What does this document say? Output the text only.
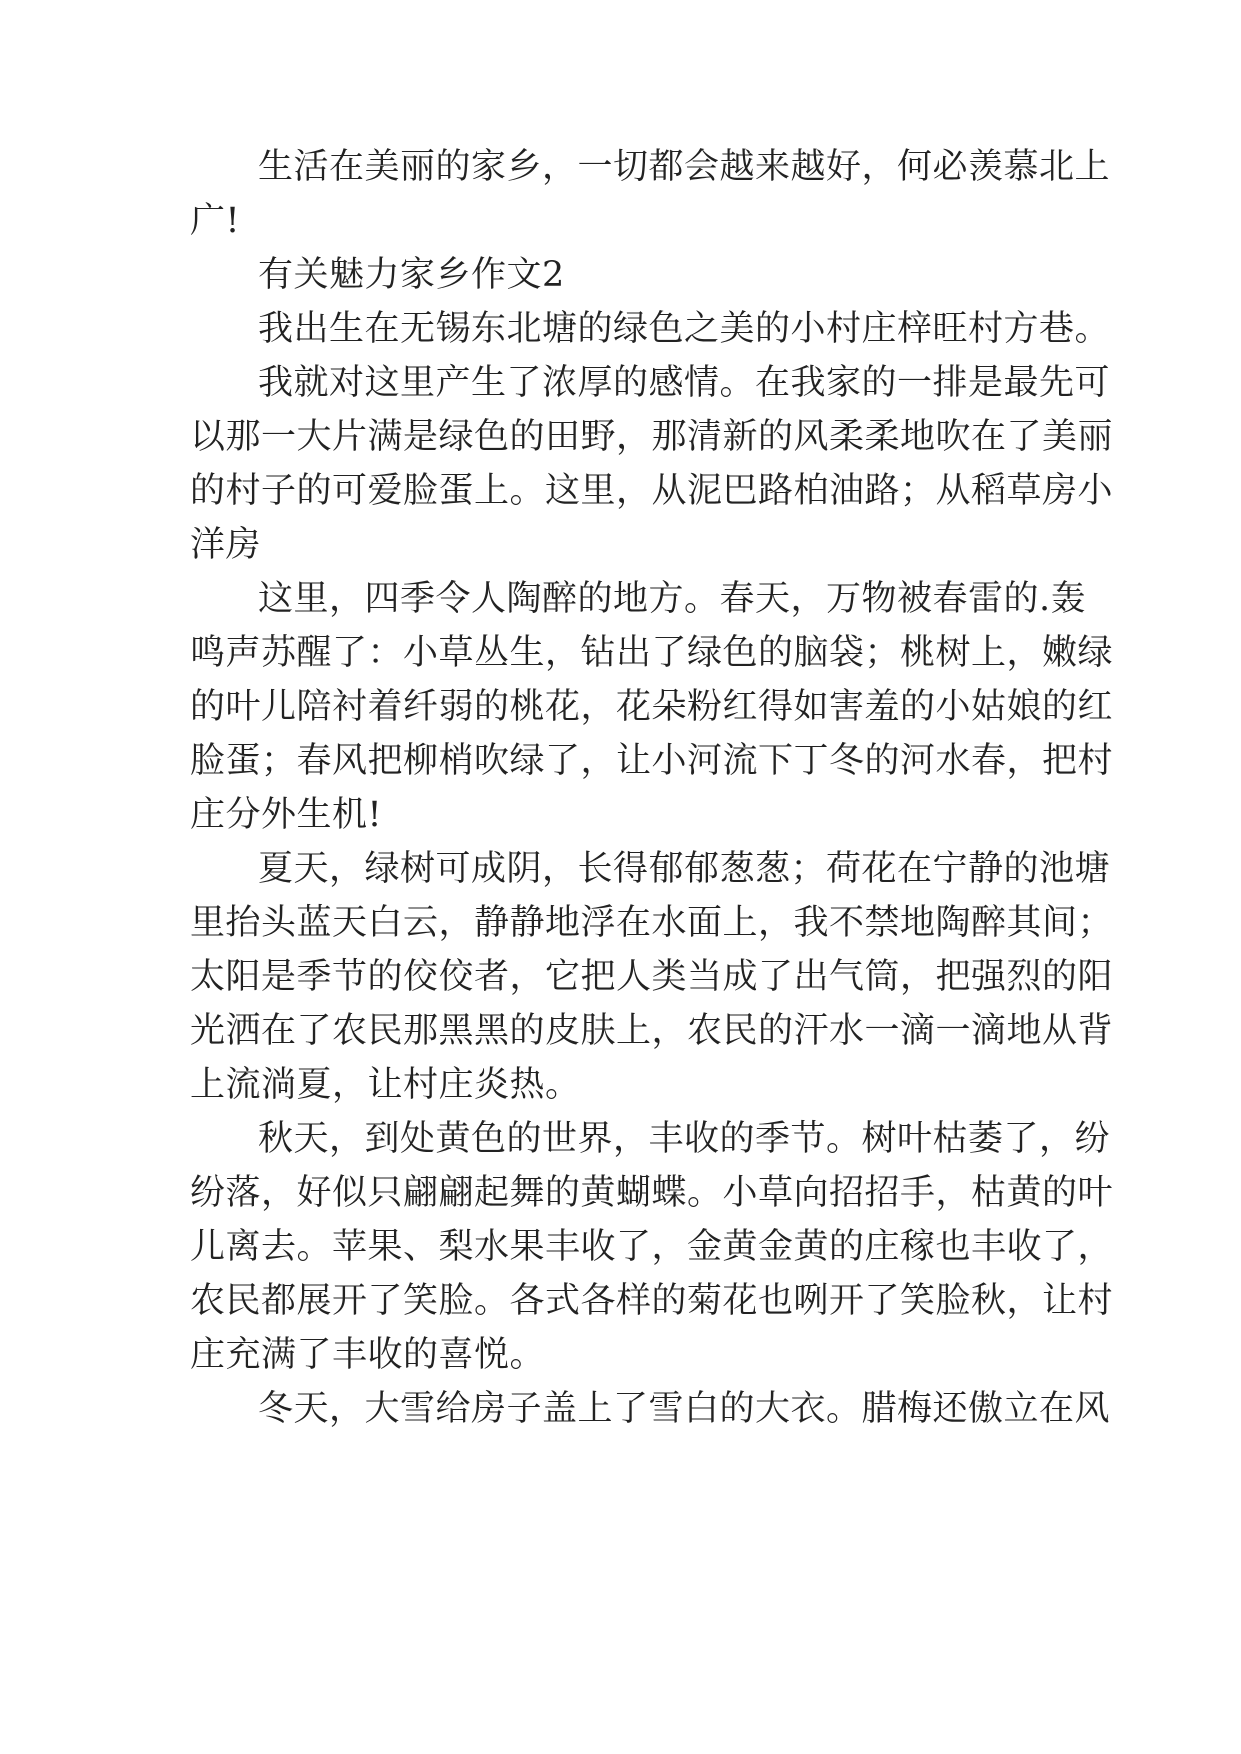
生活在美丽的家乡，一切都会越来越好，何必羡慕北上
广!
有关魅力家乡作文2
我出生在无锡东北塘的绿色之美的小村庄梓旺村方巷。
我就对这里产生了浓厚的感情。在我家的一排是最先可
以那一大片满是绿色的田野，那清新的风柔柔地吹在了美丽
的村子的可爱脸蛋上。这里，从泥巴路柏油路；从稻草房小
洋房
这里，四季令人陶醉的地方。春天，万物被春雷的.轰
鸣声苏醒了：小草丛生，钻出了绿色的脑袋；桃树上，嫩绿
的叶儿陪衬着纤弱的桃花，花朵粉红得如害羞的小姑娘的红
脸蛋；春风把柳梢吹绿了，让小河流下丁冬的河水春，把村
庄分外生机!
夏天，绿树可成阴，长得郁郁葱葱；荷花在宁静的池塘
里抬头蓝天白云，静静地浮在水面上，我不禁地陶醉其间；
太阳是季节的佼佼者，它把人类当成了出气筒，把强烈的阳
光洒在了农民那黑黑的皮肤上，农民的汗水一滴一滴地从背
上流淌夏，让村庄炎热。
秋天，到处黄色的世界，丰收的季节。树叶枯萎了，纷
纷落，好似只翩翩起舞的黄蝴蝶。小草向招招手，枯黄的叶
儿离去。苹果、梨水果丰收了，金黄金黄的庄稼也丰收了，
农民都展开了笑脸。各式各样的菊花也咧开了笑脸秋，让村
庄充满了丰收的喜悦。
冬天，大雪给房子盖上了雪白的大衣。腊梅还傲立在风
